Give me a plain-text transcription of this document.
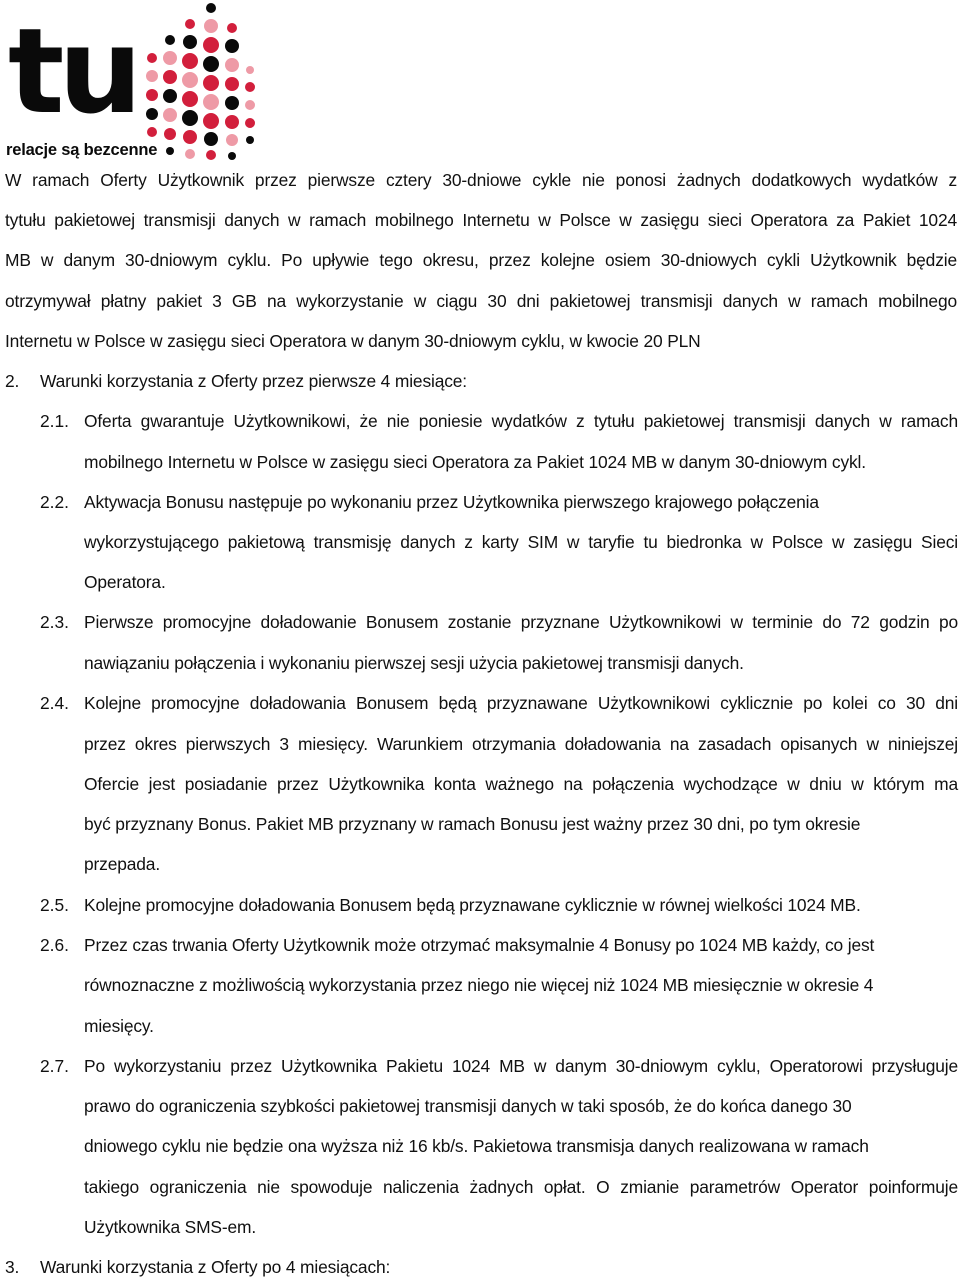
tu
relacje są bezcenne
W ramach Oferty Użytkownik przez pierwsze cztery 30-dniowe cykle nie ponosi żadnych dodatkowych wydatków z
tytułu pakietowej transmisji danych w ramach mobilnego Internetu w Polsce w zasięgu sieci Operatora za Pakiet 1024
MB w danym 30-dniowym cyklu. Po upływie tego okresu, przez kolejne osiem 30-dniowych cykli Użytkownik będzie
otrzymywał płatny pakiet 3 GB na wykorzystanie w ciągu 30 dni pakietowej transmisji danych w ramach mobilnego
Internetu w Polsce w zasięgu sieci Operatora w danym 30-dniowym cyklu, w kwocie 20 PLN
2. Warunki korzystania z Oferty przez pierwsze 4 miesiące:
2.1. Oferta gwarantuje Użytkownikowi, że nie poniesie wydatków z tytułu pakietowej transmisji danych w ramach
mobilnego Internetu w Polsce w zasięgu sieci Operatora za Pakiet 1024 MB w danym 30-dniowym cykl.
2.2. Aktywacja Bonusu następuje po wykonaniu przez Użytkownika pierwszego krajowego połączenia
wykorzystującego pakietową transmisję danych z karty SIM w taryfie tu biedronka w Polsce w zasięgu Sieci
Operatora.
2.3. Pierwsze promocyjne doładowanie Bonusem zostanie przyznane Użytkownikowi w terminie do 72 godzin po
nawiązaniu połączenia i wykonaniu pierwszej sesji użycia pakietowej transmisji danych.
2.4. Kolejne promocyjne doładowania Bonusem będą przyznawane Użytkownikowi cyklicznie po kolei co 30 dni
przez okres pierwszych 3 miesięcy. Warunkiem otrzymania doładowania na zasadach opisanych w niniejszej
Ofercie jest posiadanie przez Użytkownika konta ważnego na połączenia wychodzące w dniu w którym ma
być przyznany Bonus. Pakiet MB przyznany w ramach Bonusu jest ważny przez 30 dni, po tym okresie
przepada.
2.5. Kolejne promocyjne doładowania Bonusem będą przyznawane cyklicznie w równej wielkości 1024 MB.
2.6. Przez czas trwania Oferty Użytkownik może otrzymać maksymalnie 4 Bonusy po 1024 MB każdy, co jest
równoznaczne z możliwością wykorzystania przez niego nie więcej niż 1024 MB miesięcznie w okresie 4
miesięcy.
2.7. Po wykorzystaniu przez Użytkownika Pakietu 1024 MB w danym 30-dniowym cyklu, Operatorowi przysługuje
prawo do ograniczenia szybkości pakietowej transmisji danych w taki sposób, że do końca danego 30
dniowego cyklu nie będzie ona wyższa niż 16 kb/s. Pakietowa transmisja danych realizowana w ramach
takiego ograniczenia nie spowoduje naliczenia żadnych opłat. O zmianie parametrów Operator poinformuje
Użytkownika SMS-em.
3. Warunki korzystania z Oferty po 4 miesiącach:
